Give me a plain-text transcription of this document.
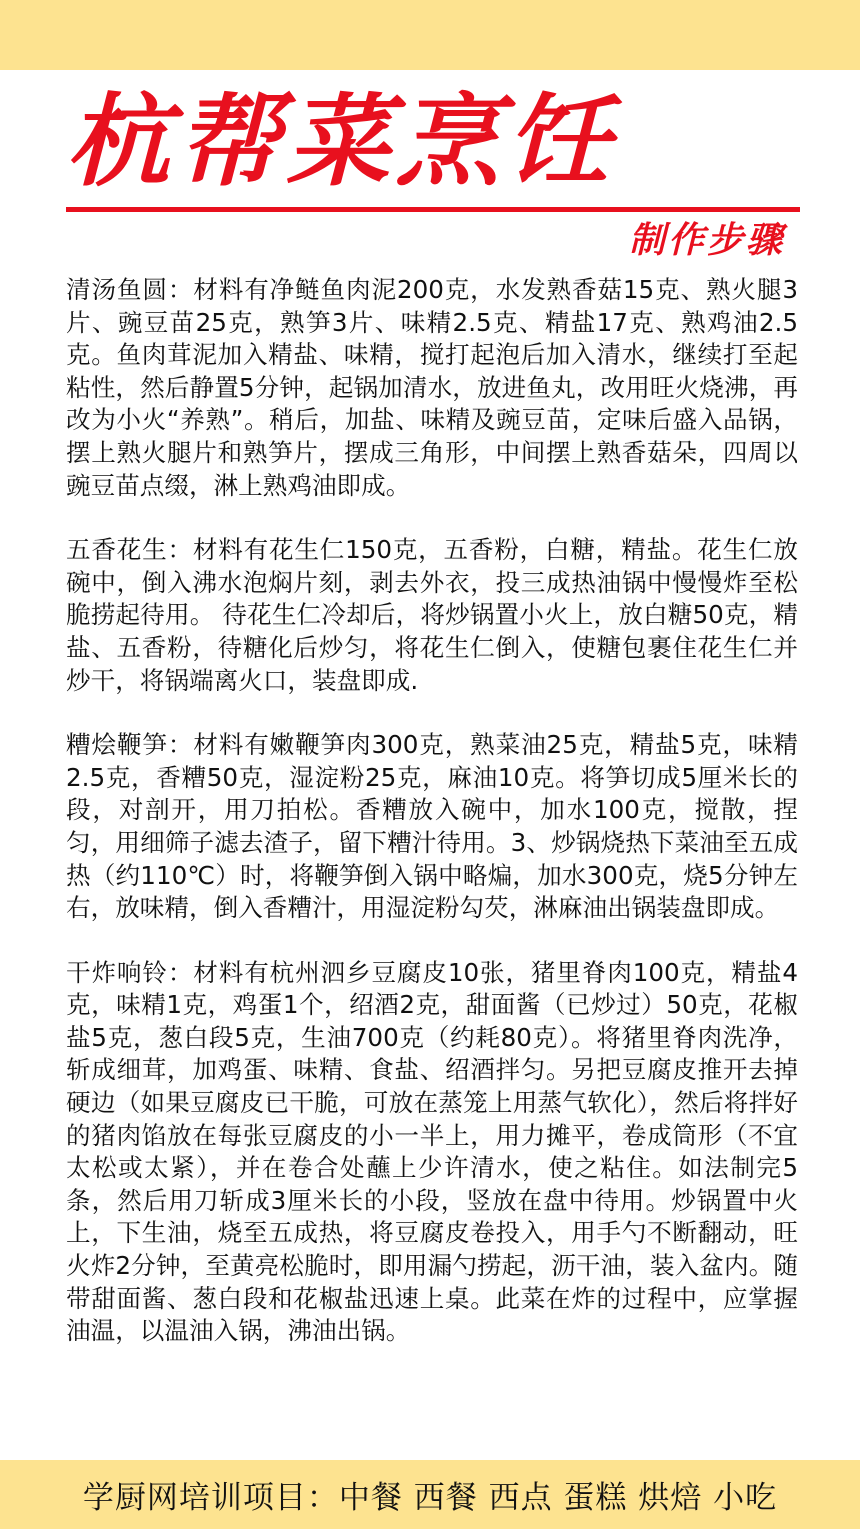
杭帮菜烹饪
制作步骤

清汤鱼圆：材料有净鲢鱼肉泥200克，水发熟香菇15克、熟火腿3片、豌豆苗25克，熟笋3片、味精2.5克、精盐17克、熟鸡油2.5克。鱼肉茸泥加入精盐、味精，搅打起泡后加入清水，继续打至起粘性，然后静置5分钟，起锅加清水，放进鱼丸，改用旺火烧沸，再改为小火“养熟”。稍后，加盐、味精及豌豆苗，定味后盛入品锅，摆上熟火腿片和熟笋片，摆成三角形，中间摆上熟香菇朵，四周以豌豆苗点缀，淋上熟鸡油即成。

五香花生：材料有花生仁150克，五香粉，白糖，精盐。花生仁放碗中，倒入沸水泡焖片刻，剥去外衣，投三成热油锅中慢慢炸至松脆捞起待用。 待花生仁冷却后，将炒锅置小火上，放白糖50克，精盐、五香粉，待糖化后炒匀，将花生仁倒入，使糖包裹住花生仁并炒干，将锅端离火口，装盘即成.

糟烩鞭笋：材料有嫩鞭笋肉300克，熟菜油25克，精盐5克，味精2.5克，香糟50克，湿淀粉25克，麻油10克。将笋切成5厘米长的段，对剖开，用刀拍松。香糟放入碗中，加水100克，搅散，捏匀，用细筛子滤去渣子，留下糟汁待用。3、炒锅烧热下菜油至五成热（约110℃）时，将鞭笋倒入锅中略煸，加水300克，烧5分钟左右，放味精，倒入香糟汁，用湿淀粉勾芡，淋麻油出锅装盘即成。

干炸响铃：材料有杭州泗乡豆腐皮10张，猪里脊肉100克，精盐4克，味精1克，鸡蛋1个，绍酒2克，甜面酱（已炒过）50克，花椒盐5克，葱白段5克，生油700克（约耗80克）。将猪里脊肉洗净，斩成细茸，加鸡蛋、味精、食盐、绍酒拌匀。另把豆腐皮推开去掉硬边（如果豆腐皮已干脆，可放在蒸笼上用蒸气软化），然后将拌好的猪肉馅放在每张豆腐皮的小一半上，用力摊平，卷成筒形（不宜太松或太紧），并在卷合处蘸上少许清水，使之粘住。如法制完5条，然后用刀斩成3厘米长的小段，竖放在盘中待用。炒锅置中火上，下生油，烧至五成热，将豆腐皮卷投入，用手勺不断翻动，旺火炸2分钟，至黄亮松脆时，即用漏勺捞起，沥干油，装入盆内。随带甜面酱、葱白段和花椒盐迅速上桌。此菜在炸的过程中，应掌握油温，以温油入锅，沸油出锅。

学厨网培训项目：中餐 西餐 西点 蛋糕 烘焙 小吃
